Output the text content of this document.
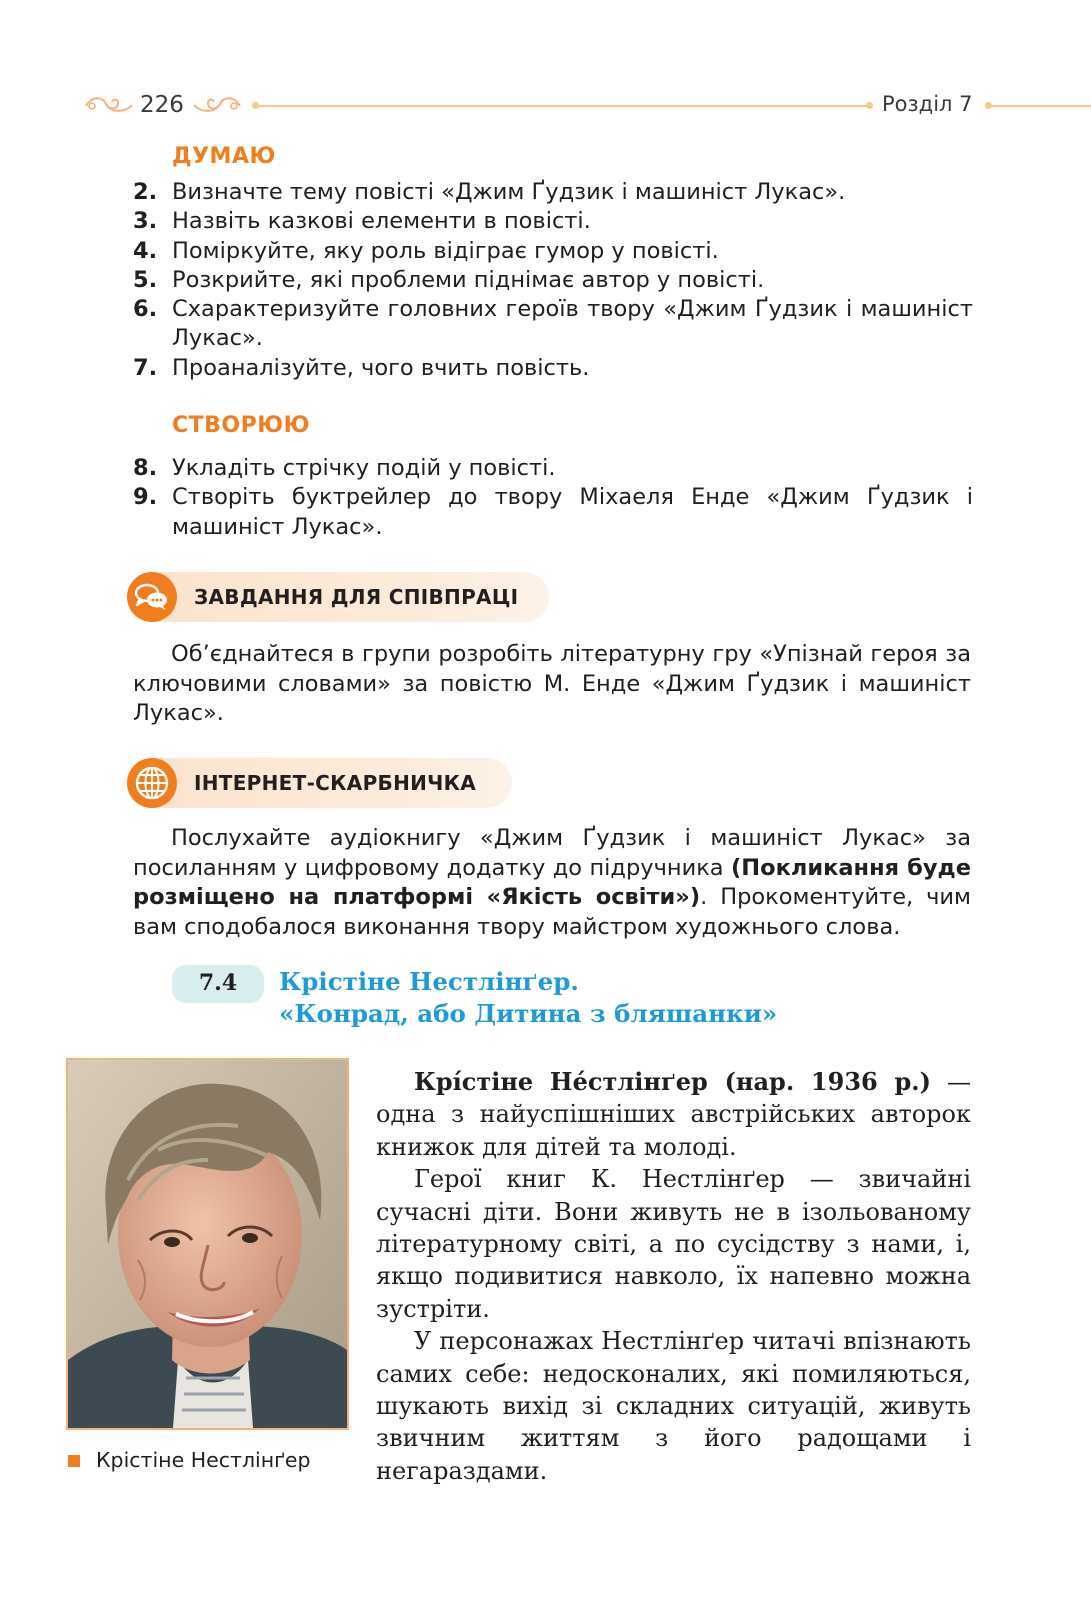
226	Розділ 7
ДУМАЮ
2. Визначте тему повісті «Джим Ґудзик і машиніст Лукас».
3. Назвіть казкові елементи в повісті.
4. Поміркуйте, яку роль відіграє гумор у повісті.
5. Розкрийте, які проблеми піднімає автор у повісті.
6. Схарактеризуйте головних героїв твору «Джим Ґудзик і машиніст Лукас».
7. Проаналізуйте, чого вчить повість.
СТВОРЮЮ
8. Укладіть стрічку подій у повісті.
9. Створіть буктрейлер до твору Міхаеля Енде «Джим Ґудзик і машиніст Лукас».
ЗАВДАННЯ ДЛЯ СПІВПРАЦІ
Об’єднайтеся в групи розробіть літературну гру «Упізнай героя за ключовими словами» за повістю М. Енде «Джим Ґудзик і машиніст Лукас».
ІНТЕРНЕТ-СКАРБНИЧКА
Послухайте аудіокнигу «Джим Ґудзик і машиніст Лукас» за посиланням у цифровому додатку до підручника (Покликання буде розміщено на платформі «Якість освіти»). Прокоментуйте, чим вам сподобалося виконання твору майстром художнього слова.
7.4	Крістіне Нестлінґер.
«Конрад, або Дитина з бляшанки»
Крістіне Нестлінґер

Крі́стіне Не́стлінґер (нар. 1936 р.) — одна з найуспішніших австрійських авторок книжок для дітей та молоді.

Герої книг К. Нестлінґер — звичайні сучасні діти. Вони живуть не в ізольованому літературному світі, а по сусідству з нами, і, якщо подивитися навколо, їх напевно можна зустріти.

У персонажах Нестлінґер читачі впізнають самих себе: недосконалих, які помиляються, шукають вихід зі складних ситуацій, живуть звичним життям з його радощами і негараздами.
